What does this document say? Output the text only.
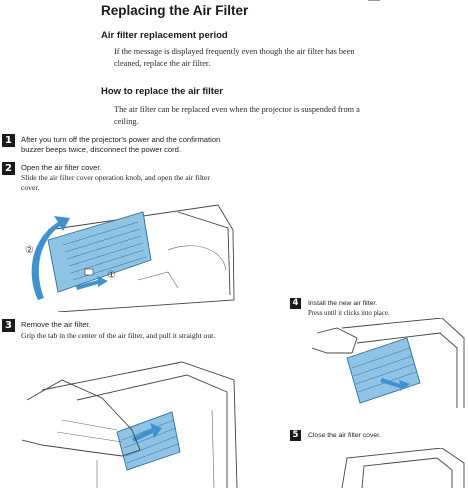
Replacing the Air Filter
Air filter replacement period
If the message is displayed frequently even though the air filter has been
cleaned, replace the air filter.
How to replace the air filter
The air filter can be replaced even when the projector is suspended from a
ceiling.
1	After you turn off the projector's power and the confirmation
buzzer beeps twice, disconnect the power cord.
2	Open the air filter cover.
Slide the air filter cover operation knob, and open the air filter
cover.
②
①
3	Remove the air filter.
Grip the tab in the center of the air filter, and pull it straight out.
4	Install the new air filter.
Press until it clicks into place.
5	Close the air filter cover.
